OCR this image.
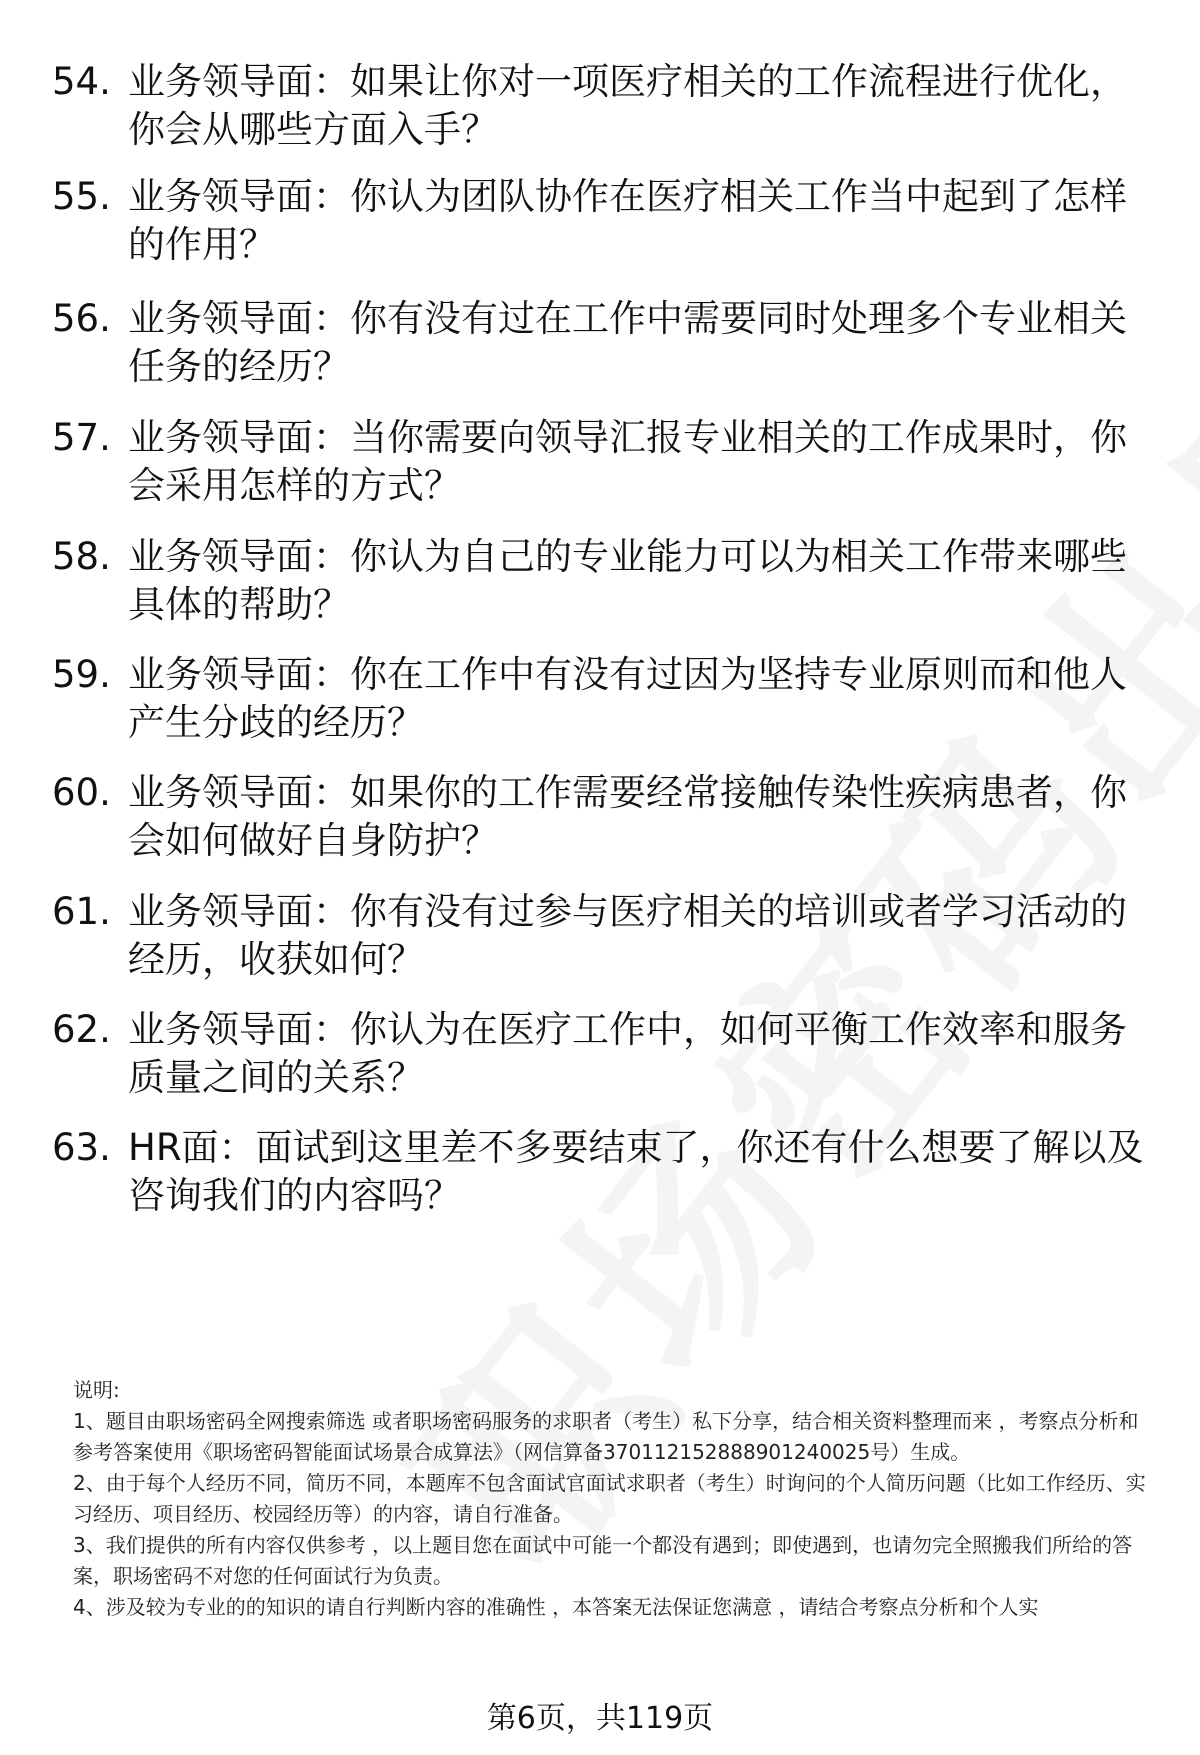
54. 业务领导面：如果让你对一项医疗相关的工作流程进行优化，你会从哪些方面入手？
55. 业务领导面：你认为团队协作在医疗相关工作当中起到了怎样的作用？
56. 业务领导面：你有没有过在工作中需要同时处理多个专业相关任务的经历？
57. 业务领导面：当你需要向领导汇报专业相关的工作成果时，你会采用怎样的方式？
58. 业务领导面：你认为自己的专业能力可以为相关工作带来哪些具体的帮助？
59. 业务领导面：你在工作中有没有过因为坚持专业原则而和他人产生分歧的经历？
60. 业务领导面：如果你的工作需要经常接触传染性疾病患者，你会如何做好自身防护？
61. 业务领导面：你有没有过参与医疗相关的培训或者学习活动的经历，收获如何？
62. 业务领导面：你认为在医疗工作中，如何平衡工作效率和服务质量之间的关系？
63. HR面：面试到这里差不多要结束了，你还有什么想要了解以及咨询我们的内容吗？

说明:

1、题目由职场密码全网搜索筛选 或者职场密码服务的求职者（考生）私下分享，结合相关资料整理而来 ，考察点分析和参考答案使用《职场密码智能面试场景合成算法》（网信算备370112152888901240025号）生成。

2、由于每个人经历不同，简历不同，本题库不包含面试官面试求职者（考生）时询问的个人简历问题（比如工作经历、实习经历、项目经历、校园经历等）的内容，请自行准备。

3、我们提供的所有内容仅供参考 ，以上题目您在面试中可能一个都没有遇到；即使遇到，也请勿完全照搬我们所给的答案，职场密码不对您的任何面试行为负责。

4、涉及较为专业的的知识的请自行判断内容的准确性 ，本答案无法保证您满意 ，请结合考察点分析和个人实

第6页，共119页
